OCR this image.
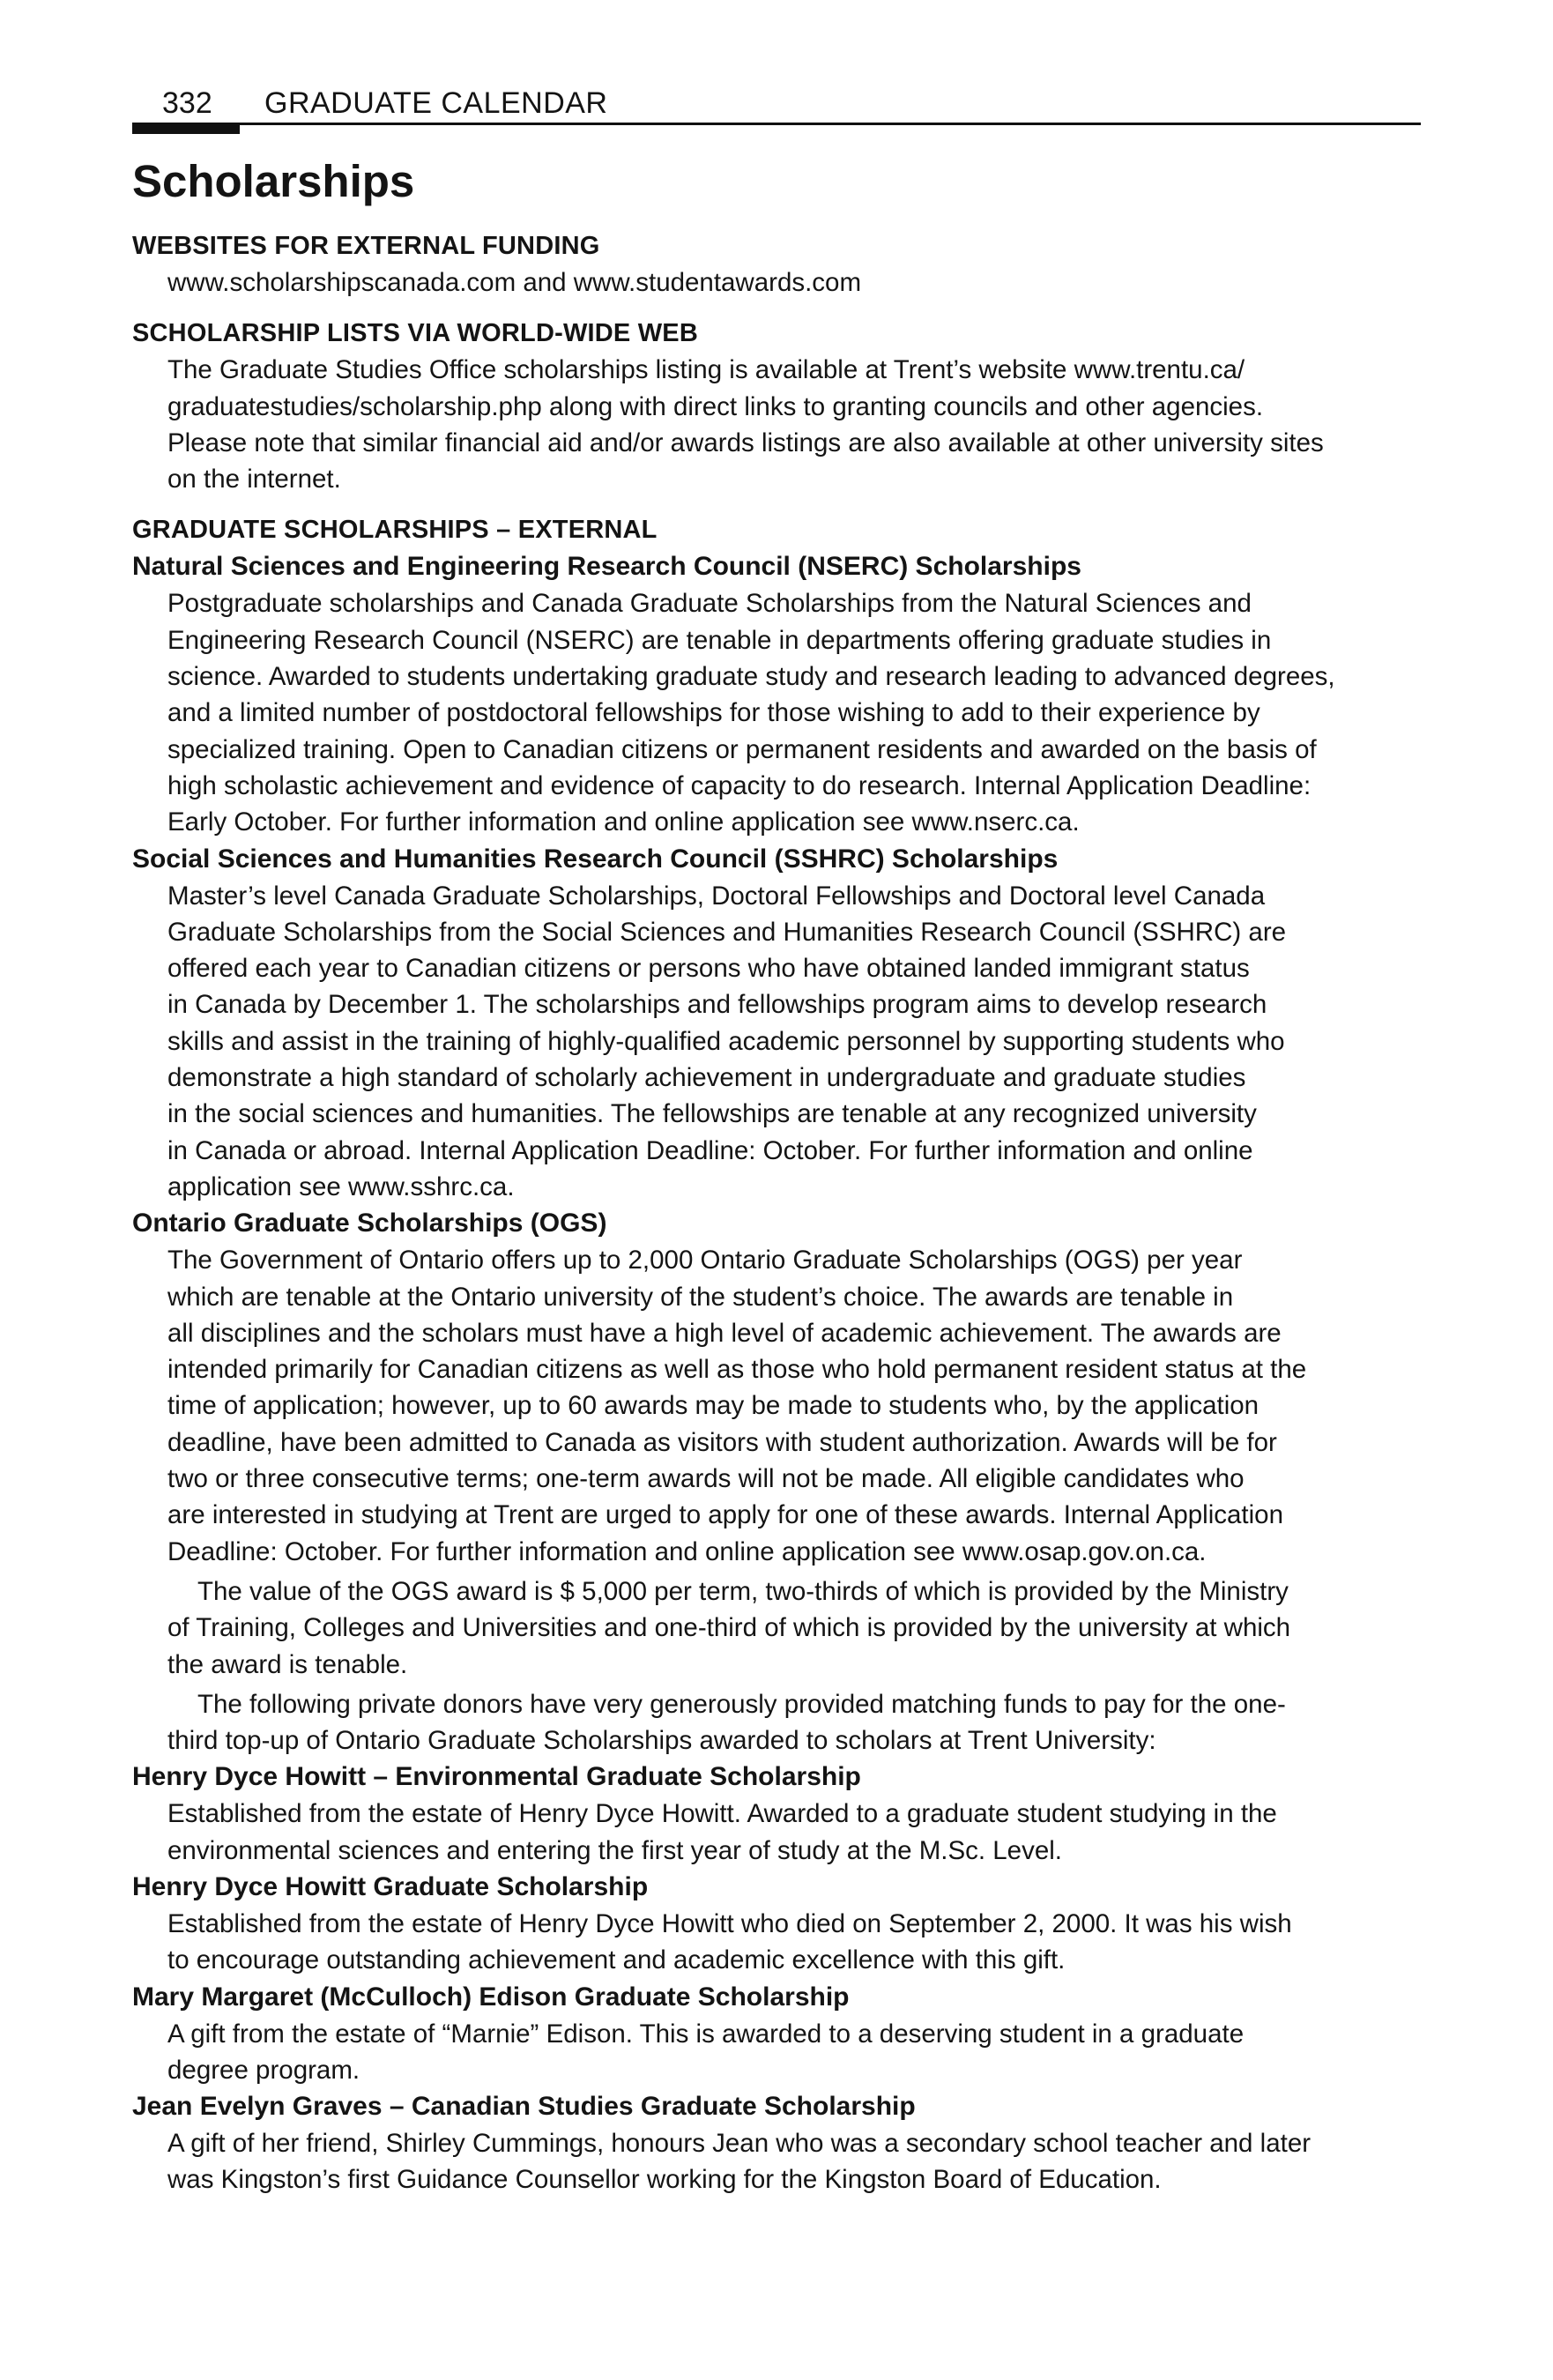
332 GRADUATE CALENDAR
Scholarships
WEBSITES FOR EXTERNAL FUNDING

www.scholarshipscanada.com and www.studentawards.com

SCHOLARSHIP LISTS VIA WORLD-WIDE WEB
The Graduate Studies Office scholarships listing is available at Trent’s website www.trentu.ca/
graduatestudies/scholarship.php along with direct links to granting councils and other agencies.
Please note that similar financial aid and/or awards listings are also available at other university sites
on the internet.
GRADUATE SCHOLARSHIPS – EXTERNAL
Natural Sciences and Engineering Research Council (NSERC) Scholarships
Postgraduate scholarships and Canada Graduate Scholarships from the Natural Sciences and
Engineering Research Council (NSERC) are tenable in departments offering graduate studies in
science. Awarded to students undertaking graduate study and research leading to advanced degrees,
and a limited number of postdoctoral fellowships for those wishing to add to their experience by
specialized training. Open to Canadian citizens or permanent residents and awarded on the basis of
high scholastic achievement and evidence of capacity to do research. Internal Application Deadline:
Early October. For further information and online application see www.nserc.ca.
Social Sciences and Humanities Research Council (SSHRC) Scholarships
Master’s level Canada Graduate Scholarships, Doctoral Fellowships and Doctoral level Canada
Graduate Scholarships from the Social Sciences and Humanities Research Council (SSHRC) are
offered each year to Canadian citizens or persons who have obtained landed immigrant status
in Canada by December 1. The scholarships and fellowships program aims to develop research
skills and assist in the training of highly-qualified academic personnel by supporting students who
demonstrate a high standard of scholarly achievement in undergraduate and graduate studies
in the social sciences and humanities. The fellowships are tenable at any recognized university
in Canada or abroad. Internal Application Deadline: October. For further information and online
application see www.sshrc.ca.
Ontario Graduate Scholarships (OGS)
The Government of Ontario offers up to 2,000 Ontario Graduate Scholarships (OGS) per year
which are tenable at the Ontario university of the student’s choice. The awards are tenable in
all disciplines and the scholars must have a high level of academic achievement. The awards are
intended primarily for Canadian citizens as well as those who hold permanent resident status at the
time of application; however, up to 60 awards may be made to students who, by the application
deadline, have been admitted to Canada as visitors with student authorization. Awards will be for
two or three consecutive terms; one-term awards will not be made. All eligible candidates who
are interested in studying at Trent are urged to apply for one of these awards. Internal Application
Deadline: October. For further information and online application see www.osap.gov.on.ca.
The value of the OGS award is $ 5,000 per term, two-thirds of which is provided by the Ministry
of Training, Colleges and Universities and one-third of which is provided by the university at which
the award is tenable.
The following private donors have very generously provided matching funds to pay for the one-
third top-up of Ontario Graduate Scholarships awarded to scholars at Trent University:
Henry Dyce Howitt – Environmental Graduate Scholarship
Established from the estate of Henry Dyce Howitt. Awarded to a graduate student studying in the
environmental sciences and entering the first year of study at the M.Sc. Level.
Henry Dyce Howitt Graduate Scholarship
Established from the estate of Henry Dyce Howitt who died on September 2, 2000. It was his wish
to encourage outstanding achievement and academic excellence with this gift.
Mary Margaret (McCulloch) Edison Graduate Scholarship
A gift from the estate of “Marnie” Edison. This is awarded to a deserving student in a graduate
degree program.
Jean Evelyn Graves – Canadian Studies Graduate Scholarship
A gift of her friend, Shirley Cummings, honours Jean who was a secondary school teacher and later
was Kingston’s first Guidance Counsellor working for the Kingston Board of Education.
